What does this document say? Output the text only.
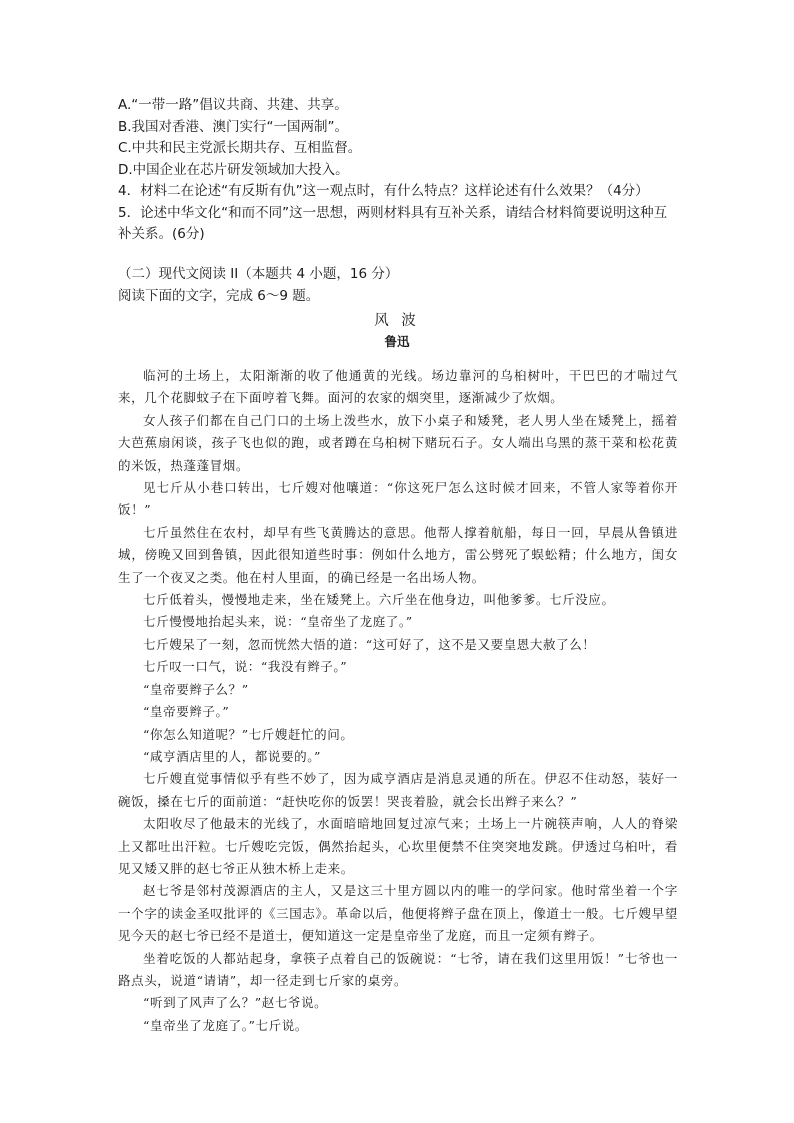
A.“一带一路”倡议共商、共建、共享。

B.我国对香港、澳门实行“一国两制”。

C.中共和民主党派长期共存、互相监督。

D.中国企业在芯片研发领域加大投入。

4．材料二在论述“有反斯有仇”这一观点时，有什么特点？这样论述有什么效果？（4分）

5．论述中华文化“和而不同”这一思想，两则材料具有互补关系，请结合材料简要说明这种互补关系。(6分)

（二）现代文阅读 II（本题共 4 小题，16 分）

阅读下面的文字，完成 6～9 题。

风 波

鲁迅

临河的土场上，太阳渐渐的收了他通黄的光线。场边靠河的乌桕树叶，干巴巴的才喘过气来，几个花脚蚊子在下面哼着飞舞。面河的农家的烟突里，逐渐减少了炊烟。

女人孩子们都在自己门口的土场上泼些水，放下小桌子和矮凳，老人男人坐在矮凳上，摇着大芭蕉扇闲谈，孩子飞也似的跑，或者蹲在乌桕树下赌玩石子。女人端出乌黑的蒸干菜和松花黄的米饭，热蓬蓬冒烟。

见七斤从小巷口转出，七斤嫂对他嚷道：“你这死尸怎么这时候才回来，不管人家等着你开饭！”

七斤虽然住在农村，却早有些飞黄腾达的意思。他帮人撑着航船，每日一回，早晨从鲁镇进城，傍晚又回到鲁镇，因此很知道些时事：例如什么地方，雷公劈死了蜈蚣精；什么地方，闺女生了一个夜叉之类。他在村人里面，的确已经是一名出场人物。

七斤低着头，慢慢地走来，坐在矮凳上。六斤坐在他身边，叫他爹爹。七斤没应。

七斤慢慢地抬起头来，说：“皇帝坐了龙庭了。”

七斤嫂呆了一刻，忽而恍然大悟的道：“这可好了，这不是又要皇恩大赦了么！

七斤叹一口气，说：“我没有辫子。”

“皇帝要辫子么？”

“皇帝要辫子。”

“你怎么知道呢？”七斤嫂赶忙的问。

“咸亨酒店里的人，都说要的。”

七斤嫂直觉事情似乎有些不妙了，因为咸亨酒店是消息灵通的所在。伊忍不住动怒，装好一碗饭，搡在七斤的面前道：“赶快吃你的饭罢！哭丧着脸，就会长出辫子来么？”

太阳收尽了他最末的光线了，水面暗暗地回复过凉气来；土场上一片碗筷声响，人人的脊梁上又都吐出汗粒。七斤嫂吃完饭，偶然抬起头，心坎里便禁不住突突地发跳。伊透过乌桕叶，看见又矮又胖的赵七爷正从独木桥上走来。

赵七爷是邻村茂源酒店的主人，又是这三十里方圆以内的唯一的学问家。他时常坐着一个字一个字的读金圣叹批评的《三国志》。革命以后，他便将辫子盘在顶上，像道士一般。七斤嫂早望见今天的赵七爷已经不是道士，便知道这一定是皇帝坐了龙庭，而且一定须有辫子。

坐着吃饭的人都站起身，拿筷子点着自己的饭碗说：“七爷，请在我们这里用饭！”七爷也一路点头，说道“请请”，却一径走到七斤家的桌旁。

“听到了风声了么？”赵七爷说。

“皇帝坐了龙庭了。”七斤说。
